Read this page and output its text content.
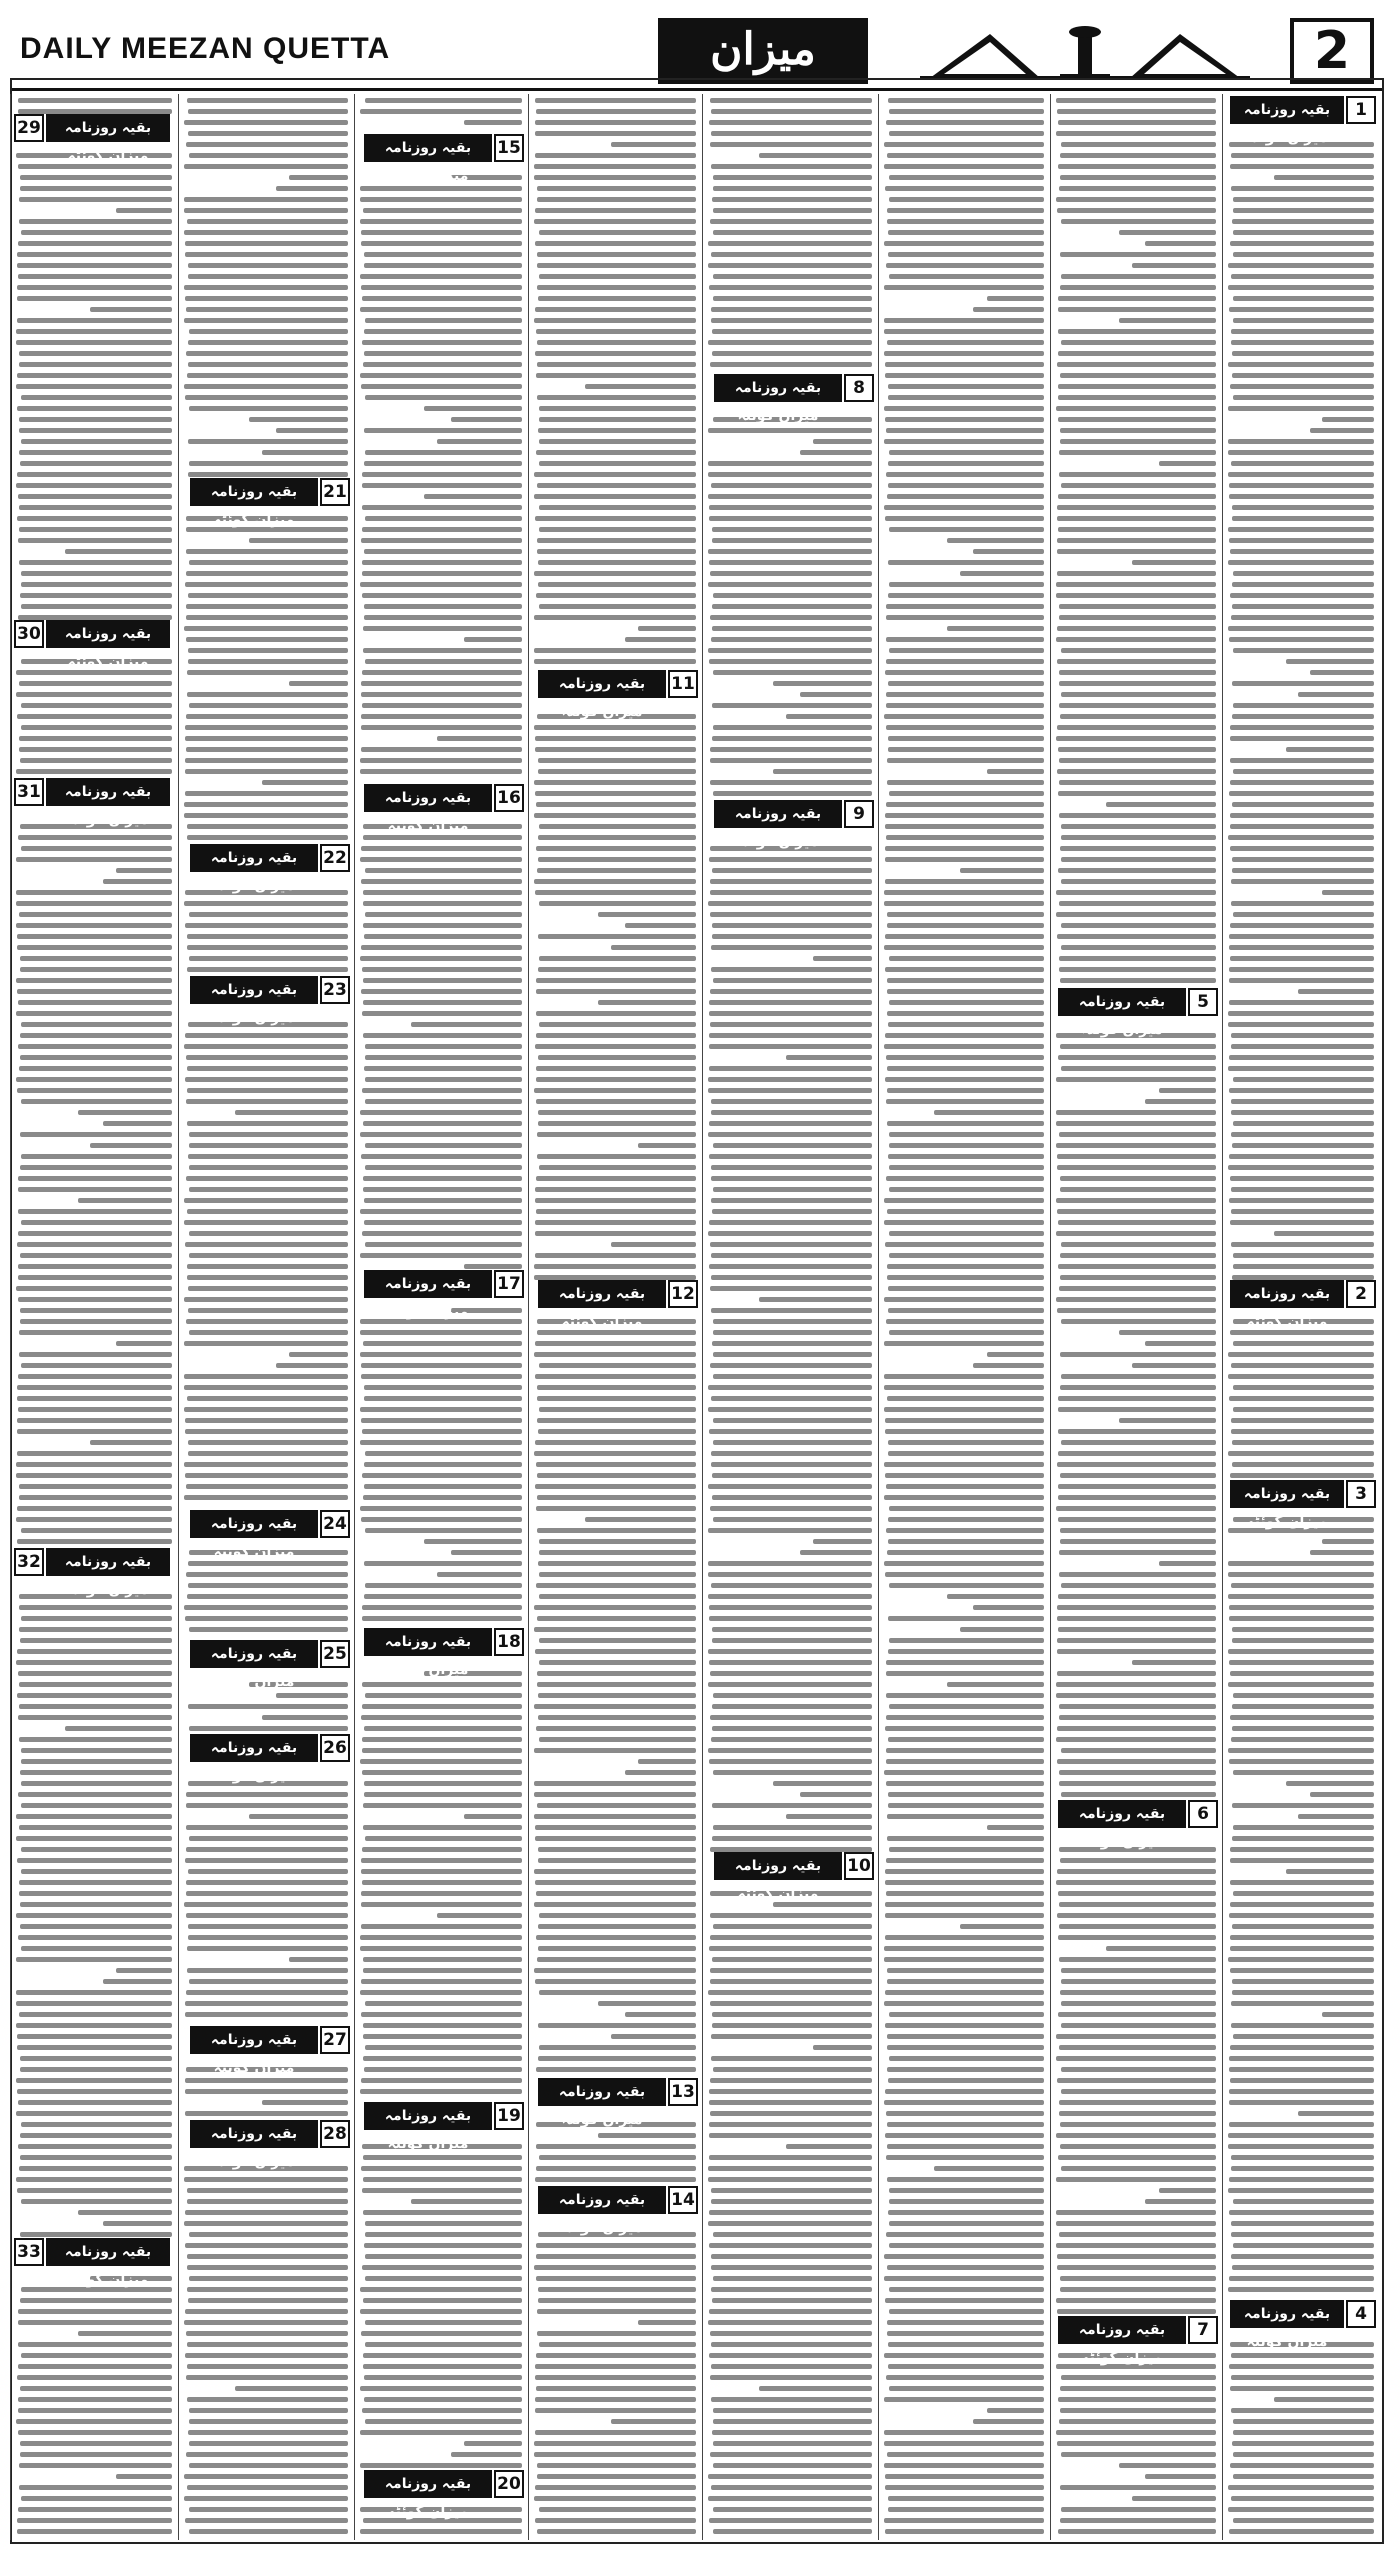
DAILY MEEZAN QUETTA	میزان	2
1
بقیہ روزنامہ میزان کوئٹہ
2
بقیہ روزنامہ میزان کوئٹہ
3
بقیہ روزنامہ میزان کوئٹہ
4
بقیہ روزنامہ میزان کوئٹہ
5
بقیہ روزنامہ میزان کوئٹہ
6
بقیہ روزنامہ میزان کوئٹہ
7
بقیہ روزنامہ میزان کوئٹہ
8
بقیہ روزنامہ میزان کوئٹہ
9
بقیہ روزنامہ میزان کوئٹہ
10
بقیہ روزنامہ میزان کوئٹہ
11
بقیہ روزنامہ میزان کوئٹہ
12
بقیہ روزنامہ میزان کوئٹہ
13
بقیہ روزنامہ میزان کوئٹہ
14
بقیہ روزنامہ میزان کوئٹہ
15
بقیہ روزنامہ میزان کوئٹہ
16
بقیہ روزنامہ میزان کوئٹہ
17
بقیہ روزنامہ میزان کوئٹہ
18
بقیہ روزنامہ میزان کوئٹہ
19
بقیہ روزنامہ میزان کوئٹہ
20
بقیہ روزنامہ میزان کوئٹہ
21
بقیہ روزنامہ میزان کوئٹہ
22
بقیہ روزنامہ میزان کوئٹہ
23
بقیہ روزنامہ میزان کوئٹہ
24
بقیہ روزنامہ میزان کوئٹہ
25
بقیہ روزنامہ میزان کوئٹہ
26
بقیہ روزنامہ میزان کوئٹہ
27
بقیہ روزنامہ میزان کوئٹہ
28
بقیہ روزنامہ میزان کوئٹہ
29	بقیہ روزنامہ میزان کوئٹہ
30	بقیہ روزنامہ میزان کوئٹہ
31	بقیہ روزنامہ میزان کوئٹہ
32	بقیہ روزنامہ میزان کوئٹہ
33	بقیہ روزنامہ میزان کوئٹہ
